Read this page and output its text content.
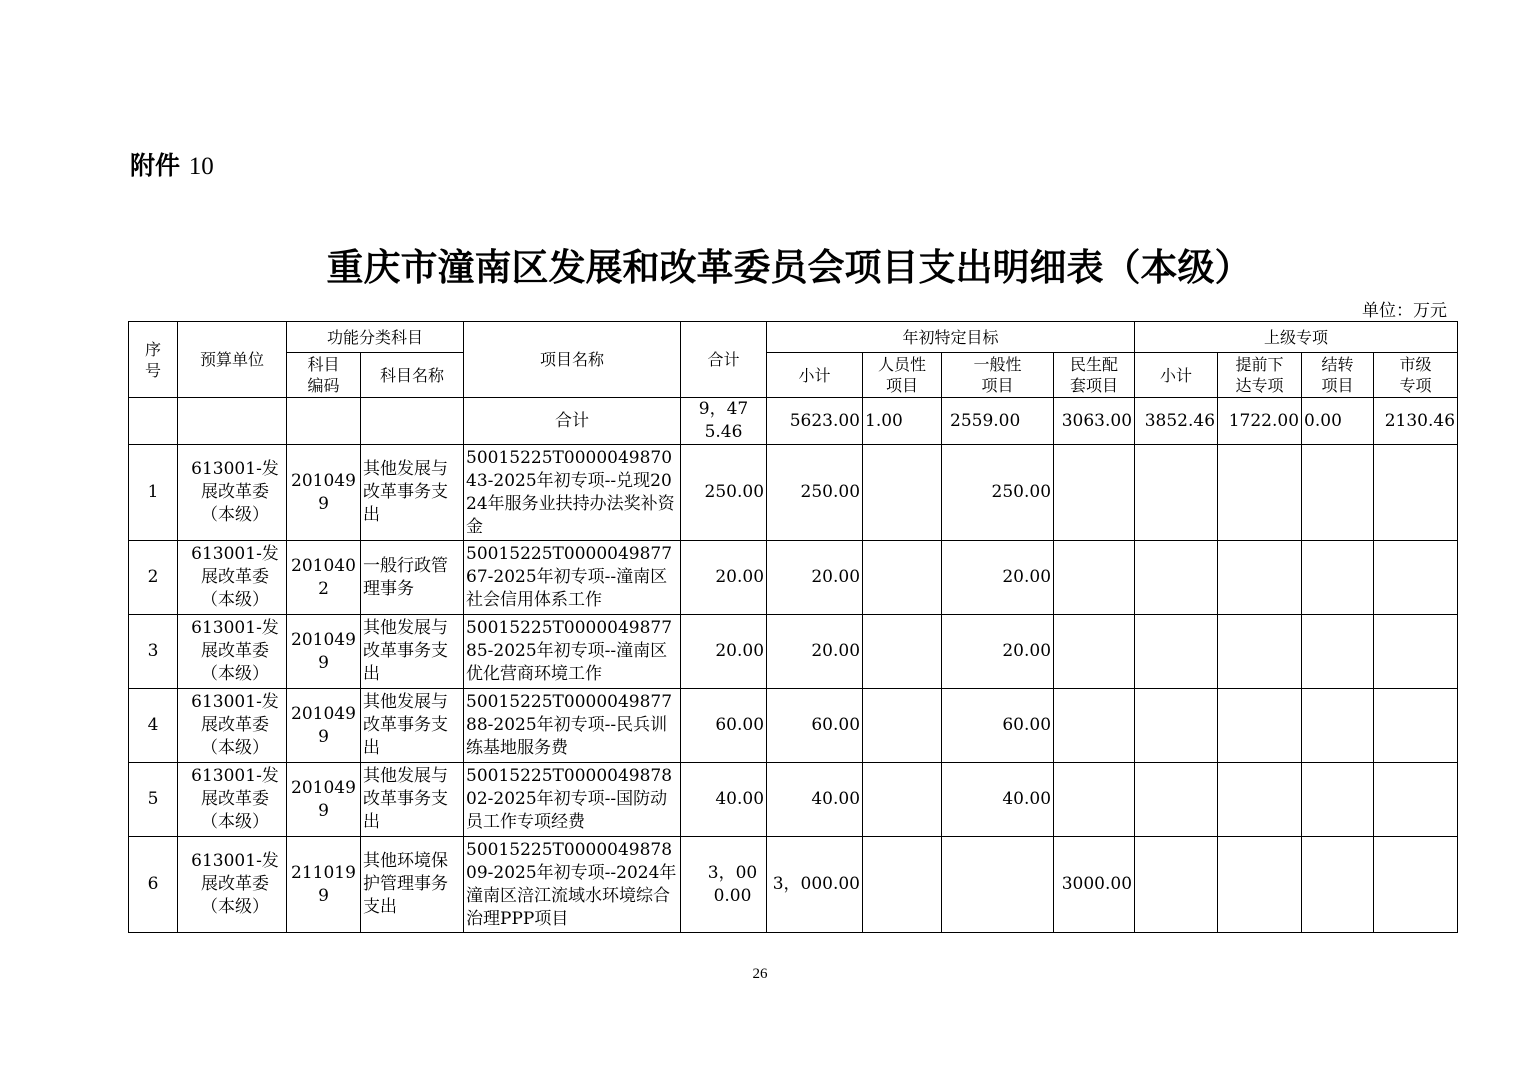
附件 10
重庆市潼南区发展和改革委员会项目支出明细表（本级）
单位：万元
序号	预算单位	功能分类科目		项目名称	合计	年初特定目标				上级专项			

		科目编码	科目名称			小计	人员性项目	一般性项目	民生配套项目	小计	提前下达专项	结转项目	市级专项

				合计	9，475.46	5623.00	1.00	2559.00	3063.00	3852.46	1722.00	0.00	2130.46
1	613001-发展改革委（本级）	2010499	其他发展与改革事务支出	50015225T000004987043-2025年初专项--兑现2024年服务业扶持办法奖补资金	250.00	250.00		250.00					
2	613001-发展改革委（本级）	2010402	一般行政管理事务	50015225T000004987767-2025年初专项--潼南区社会信用体系工作	20.00	20.00		20.00					
3	613001-发展改革委（本级）	2010499	其他发展与改革事务支出	50015225T000004987785-2025年初专项--潼南区优化营商环境工作	20.00	20.00		20.00					
4	613001-发展改革委（本级）	2010499	其他发展与改革事务支出	50015225T000004987788-2025年初专项--民兵训练基地服务费	60.00	60.00		60.00					
5	613001-发展改革委（本级）	2010499	其他发展与改革事务支出	50015225T000004987802-2025年初专项--国防动员工作专项经费	40.00	40.00		40.00					
6	613001-发展改革委（本级）	2110199	其他环境保护管理事务支出	50015225T000004987809-2025年初专项--2024年潼南区涪江流域水环境综合治理PPP项目	3，000.00	3，000.00			3000.00				
26
